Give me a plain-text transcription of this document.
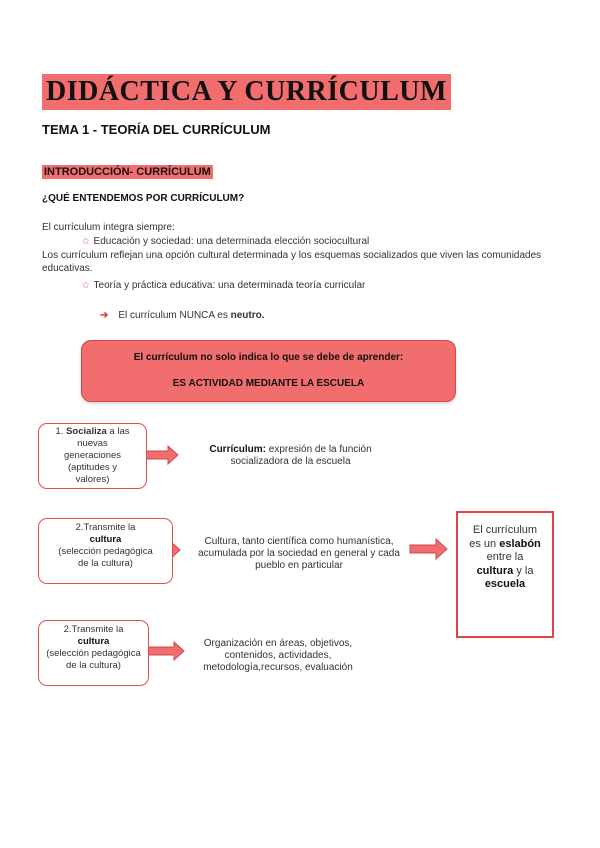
DIDÁCTICA Y CURRÍCULUM
TEMA 1 - TEORÍA DEL CURRÍCULUM
INTRODUCCIÓN- CURRÍCULUM
¿QUÉ ENTENDEMOS POR CURRÍCULUM?
El currículum integra siempre:
✩ Educación y sociedad: una determinada elección sociocultural
Los currículum reflejan una opción cultural determinada y los esquemas socializados que viven las comunidades educativas.
✩ Teoría y práctica educativa: una determinada teoría curricular
➔ El currículum NUNCA es neutro.
El currículum no solo indica lo que se debe de aprender:
ES ACTIVIDAD MEDIANTE LA ESCUELA
1. Socializa a las
nuevas generaciones
(aptitudes y valores)
Currículum: expresión de la función socializadora de la escuela
2.Transmite la
cultura
(selección pedagógica de la cultura)
Cultura, tanto científica como humanística, acumulada por la sociedad en general y cada pueblo en particular
2.Transmite la
cultura
(selección pedagógica de la cultura)
Organización en áreas, objetivos, contenidos, actividades, metodología,recursos, evaluación
El currículum es un eslabón entre la cultura y la escuela
